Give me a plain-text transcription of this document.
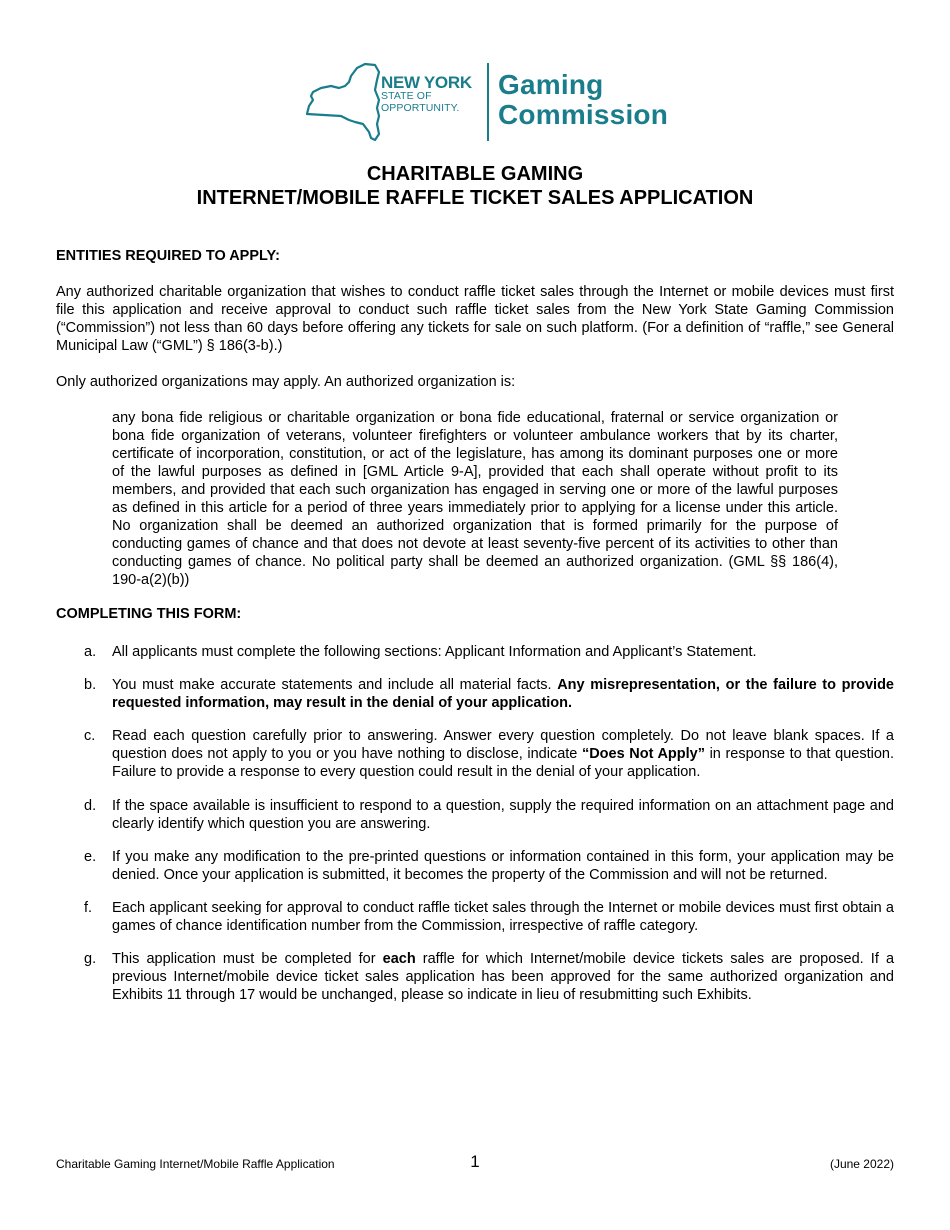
NEW YORK
STATE OF
OPPORTUNITY.
Gaming
Commission
CHARITABLE GAMING
INTERNET/MOBILE RAFFLE TICKET SALES APPLICATION
ENTITIES REQUIRED TO APPLY:
Any authorized charitable organization that wishes to conduct raffle ticket sales through the Internet or mobile devices must first file this application and receive approval to conduct such raffle ticket sales from the New York State Gaming Commission (“Commission”) not less than 60 days before offering any tickets for sale on such platform. (For a definition of “raffle,” see General Municipal Law (“GML”) § 186(3-b).)
Only authorized organizations may apply. An authorized organization is:
any bona fide religious or charitable organization or bona fide educational, fraternal or service organization or bona fide organization of veterans, volunteer firefighters or volunteer ambulance workers that by its charter, certificate of incorporation, constitution, or act of the legislature, has among its dominant purposes one or more of the lawful purposes as defined in [GML Article 9-A], provided that each shall operate without profit to its members, and provided that each such organization has engaged in serving one or more of the lawful purposes as defined in this article for a period of three years immediately prior to applying for a license under this article. No organization shall be deemed an authorized organization that is formed primarily for the purpose of conducting games of chance and that does not devote at least seventy-five percent of its activities to other than conducting games of chance. No political party shall be deemed an authorized organization. (GML §§ 186(4), 190-a(2)(b))
COMPLETING THIS FORM:
a.	All applicants must complete the following sections: Applicant Information and Applicant’s Statement.
b.	You must make accurate statements and include all material facts. Any misrepresentation, or the failure to provide requested information, may result in the denial of your application.
c.	Read each question carefully prior to answering. Answer every question completely. Do not leave blank spaces. If a question does not apply to you or you have nothing to disclose, indicate “Does Not Apply” in response to that question. Failure to provide a response to every question could result in the denial of your application.
d.	If the space available is insufficient to respond to a question, supply the required information on an attachment page and clearly identify which question you are answering.
e.	If you make any modification to the pre-printed questions or information contained in this form, your application may be denied. Once your application is submitted, it becomes the property of the Commission and will not be returned.
f.	Each applicant seeking for approval to conduct raffle ticket sales through the Internet or mobile devices must first obtain a games of chance identification number from the Commission, irrespective of raffle category.
g.	This application must be completed for each raffle for which Internet/mobile device tickets sales are proposed. If a previous Internet/mobile device ticket sales application has been approved for the same authorized organization and Exhibits 11 through 17 would be unchanged, please so indicate in lieu of resubmitting such Exhibits.
Charitable Gaming Internet/Mobile Raffle Application	1	(June 2022)
